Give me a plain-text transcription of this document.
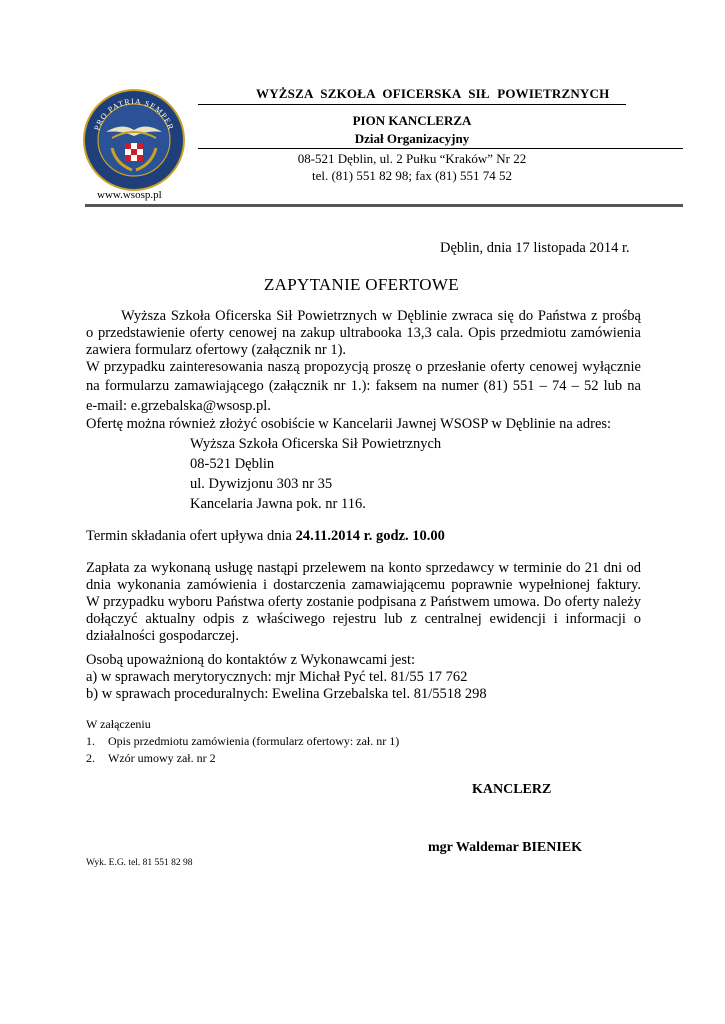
PRO PATRIA SEMPER
WYŻSZA SZKOŁA OFICERSKA SIŁ POWIETRZNYCH
PION KANCLERZA
Dział Organizacyjny
08-521 Dęblin, ul. 2 Pułku “Kraków” Nr 22
tel. (81) 551 82 98; fax (81) 551 74 52
www.wsosp.pl
Dęblin, dnia 17 listopada 2014 r.
ZAPYTANIE OFERTOWE
Wyższa Szkoła Oficerska Sił Powietrznych w Dęblinie zwraca się do Państwa z prośbą
o przedstawienie oferty cenowej na zakup ultrabooka 13,3 cala. Opis przedmiotu zamówienia
zawiera formularz ofertowy (załącznik nr 1).
W przypadku zainteresowania naszą propozycją proszę o przesłanie oferty cenowej wyłącznie
na formularzu zamawiającego (załącznik nr 1.): faksem na numer (81) 551 – 74 – 52 lub na
e-mail: e.grzebalska@wsosp.pl.
Ofertę można również złożyć osobiście w Kancelarii Jawnej WSOSP w Dęblinie na adres:
Wyższa Szkoła Oficerska Sił Powietrznych
08-521 Dęblin
ul. Dywizjonu 303 nr 35
Kancelaria Jawna pok. nr 116.
Termin składania ofert upływa dnia 24.11.2014 r. godz. 10.00
Zapłata za wykonaną usługę nastąpi przelewem na konto sprzedawcy w terminie do 21 dni od
dnia wykonania zamówienia i dostarczenia zamawiającemu poprawnie wypełnionej faktury.
W przypadku wyboru Państwa oferty zostanie podpisana z Państwem umowa. Do oferty należy
dołączyć aktualny odpis z właściwego rejestru lub z centralnej ewidencji i informacji o
działalności gospodarczej.
Osobą upoważnioną do kontaktów z Wykonawcami jest:
a) w sprawach merytorycznych: mjr Michał Pyć tel. 81/55 17 762
b) w sprawach proceduralnych: Ewelina Grzebalska tel. 81/5518 298
W załączeniu
1. Opis przedmiotu zamówienia (formularz ofertowy: zał. nr 1)
2. Wzór umowy zał. nr 2
KANCLERZ
mgr Waldemar BIENIEK
Wyk. E.G. tel. 81 551 82 98
